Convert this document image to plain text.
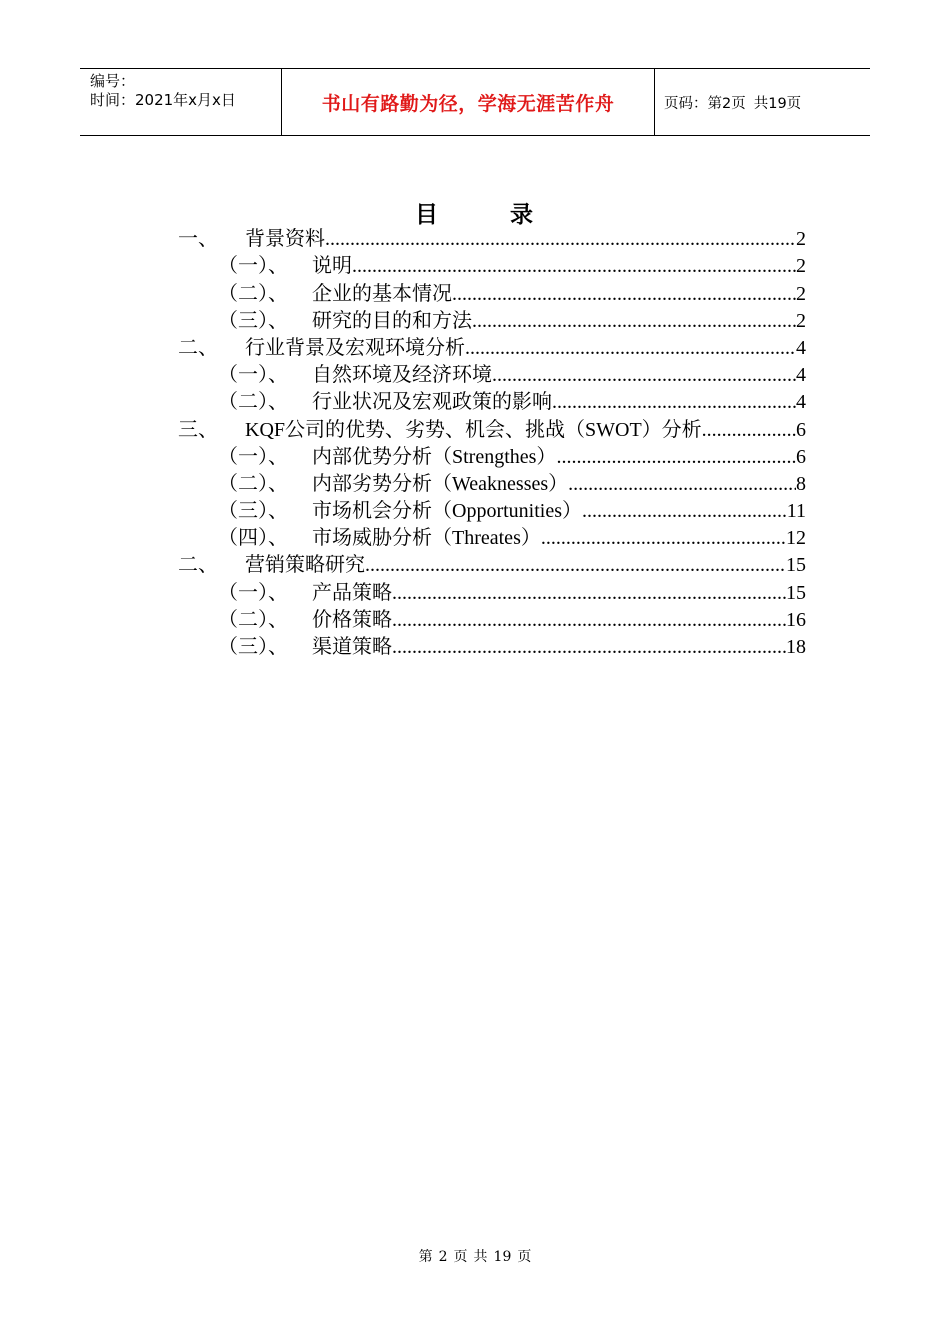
编号：
时间：2021年x月x日	书山有路勤为径，学海无涯苦作舟	页码：第2页 共19页
目	录
一、	背景资料 .....	2
（一）、	说明 .....	2
（二）、	企业的基本情况 .....	2
（三）、	研究的目的和方法 .....	2
二、	行业背景及宏观环境分析 .....	4
（一）、	自然环境及经济环境 .....	4
（二）、	行业状况及宏观政策的影响 .....	4
三、	KQF公司的优势、劣势、机会、挑战（SWOT）分析 .....	6
（一）、	内部优势分析（Strengthes） .....	6
（二）、	内部劣势分析（Weaknesses） .....	8
（三）、	市场机会分析（Opportunities） .....	11
（四）、	市场威胁分析（Threates） .....	12
二、	营销策略研究 .....	15
（一）、	产品策略 .....	15
（二）、	价格策略 .....	16
（三）、	渠道策略 .....	18
第 2 页 共 19 页
